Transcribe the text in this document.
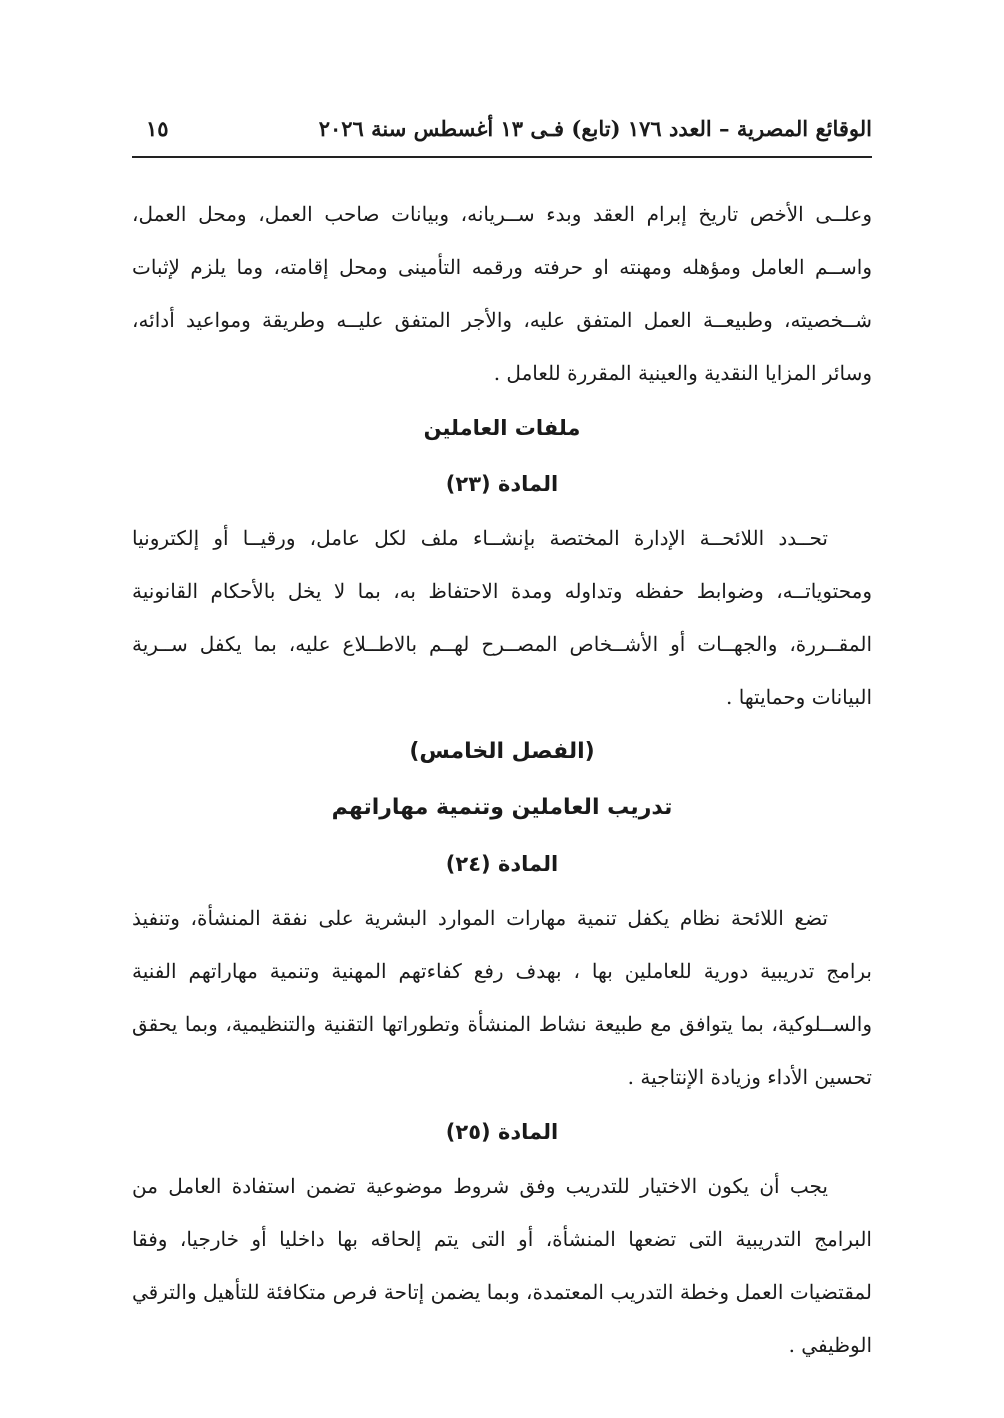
الوقائع المصرية – العدد ١٧٦ (تابع) فـى ١٣ أغسطس سنة ٢٠٢٦
١٥

وعلــى الأخص تاريخ إبرام العقد وبدء ســريانه، وبيانات صاحب العمل، ومحل العمل، واســم العامل ومؤهله ومهنته او حرفته ورقمه التأمينى ومحل إقامته، وما يلزم لإثبات شــخصيته، وطبيعــة العمل المتفق عليه، والأجر المتفق عليــه وطريقة ومواعيد أدائه، وسائر المزايا النقدية والعينية المقررة للعامل .

ملفات العاملين

المادة (٢٣)

تحــدد اللائحــة الإدارة المختصة بإنشــاء ملف لكل عامل، ورقيــا أو إلكترونيا ومحتوياتــه، وضوابط حفظه وتداوله ومدة الاحتفاظ به، بما لا يخل بالأحكام القانونية المقــررة، والجهــات أو الأشــخاص المصــرح لهــم بالاطــلاع عليه، بما يكفل ســرية البيانات وحمايتها .

(الفصل الخامس)

تدريب العاملين وتنمية مهاراتهم

المادة (٢٤)

تضع اللائحة نظام يكفل تنمية مهارات الموارد البشرية على نفقة المنشأة، وتنفيذ برامج تدريبية دورية للعاملين بها ، بهدف رفع كفاءتهم المهنية وتنمية مهاراتهم الفنية والســلوكية، بما يتوافق مع طبيعة نشاط المنشأة وتطوراتها التقنية والتنظيمية، وبما يحقق تحسين الأداء وزيادة الإنتاجية .

المادة (٢٥)

يجب أن يكون الاختيار للتدريب وفق شروط موضوعية تضمن استفادة العامل من البرامج التدريبية التى تضعها المنشأة، أو التى يتم إلحاقه بها داخليا أو خارجيا، وفقا لمقتضيات العمل وخطة التدريب المعتمدة، وبما يضمن إتاحة فرص متكافئة للتأهيل والترقي الوظيفي .
